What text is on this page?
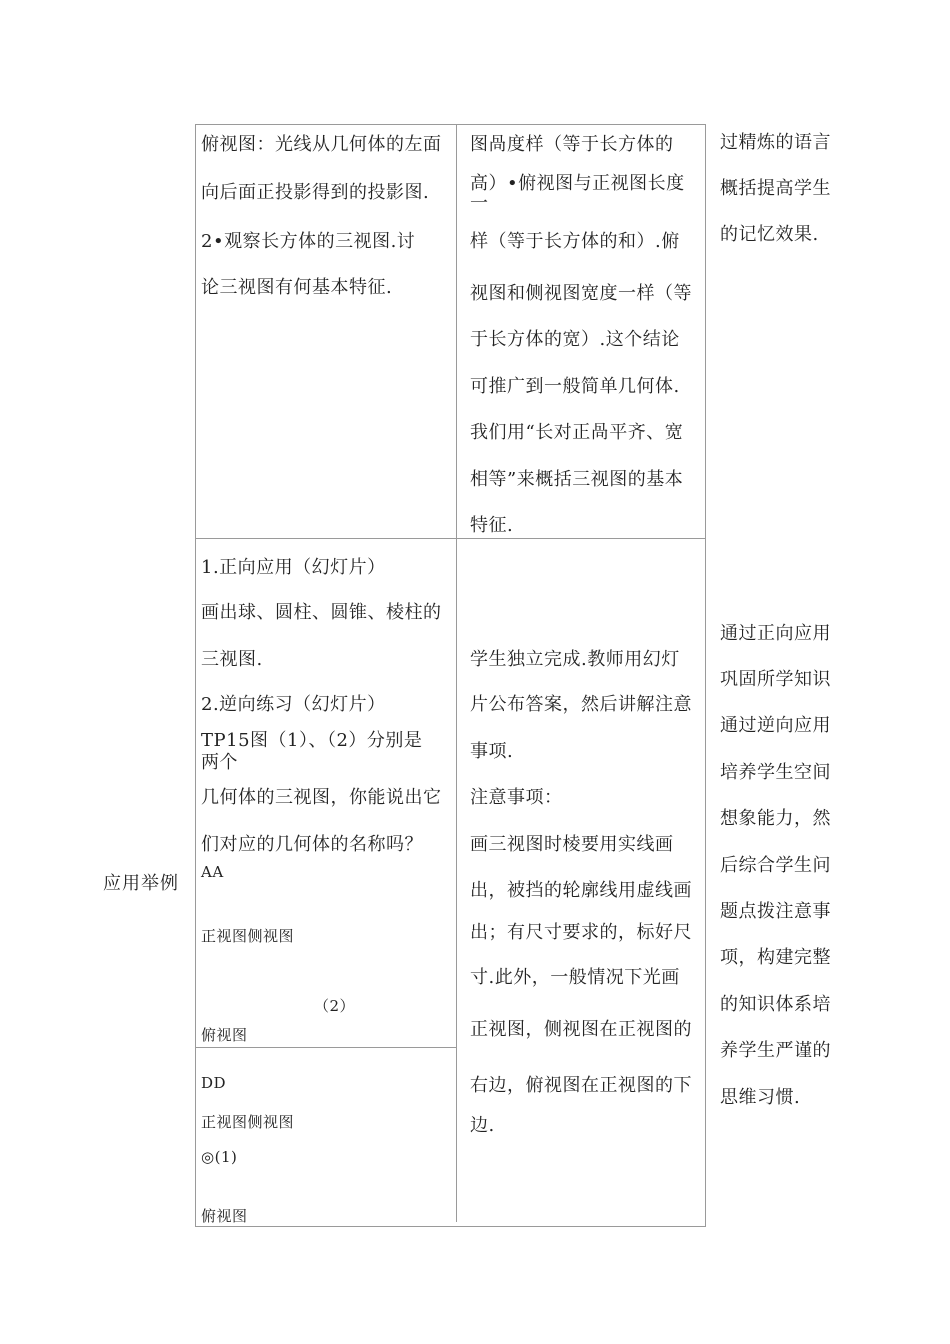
应用举例
俯视图：光线从几何体的左面
向后面正投影得到的投影图.
2•观察长方体的三视图.讨
论三视图有何基本特征.
图咼度样（等于长方体的
高）•俯视图与正视图长度
一
样（等于长方体的和）.俯
视图和侧视图宽度一样（等
于长方体的宽）.这个结论
可推广到一般简单几何体.
我们用“长对正咼平齐、宽
相等”来概括三视图的基本
特征.
过精炼的语言
概括提高学生
的记忆效果.
1.正向应用（幻灯片）
画出球、圆柱、圆锥、棱柱的
三视图.
2.逆向练习（幻灯片）
TP15图（1）、（2）分别是
两个
几何体的三视图，你能说出它
们对应的几何体的名称吗？
AA
正视图侧视图
（2）
俯视图
DD
正视图侧视图
◎(1)
俯视图
学生独立完成.教师用幻灯
片公布答案，然后讲解注意
事项.
注意事项：
画三视图时棱要用实线画
出，被挡的轮廓线用虚线画
出；有尺寸要求的，标好尺
寸.此外，一般情况下光画
正视图，侧视图在正视图的
右边，俯视图在正视图的下
边.
通过正向应用
巩固所学知识
通过逆向应用
培养学生空间
想象能力，然
后综合学生问
题点拨注意事
项，构建完整
的知识体系培
养学生严谨的
思维习惯.
